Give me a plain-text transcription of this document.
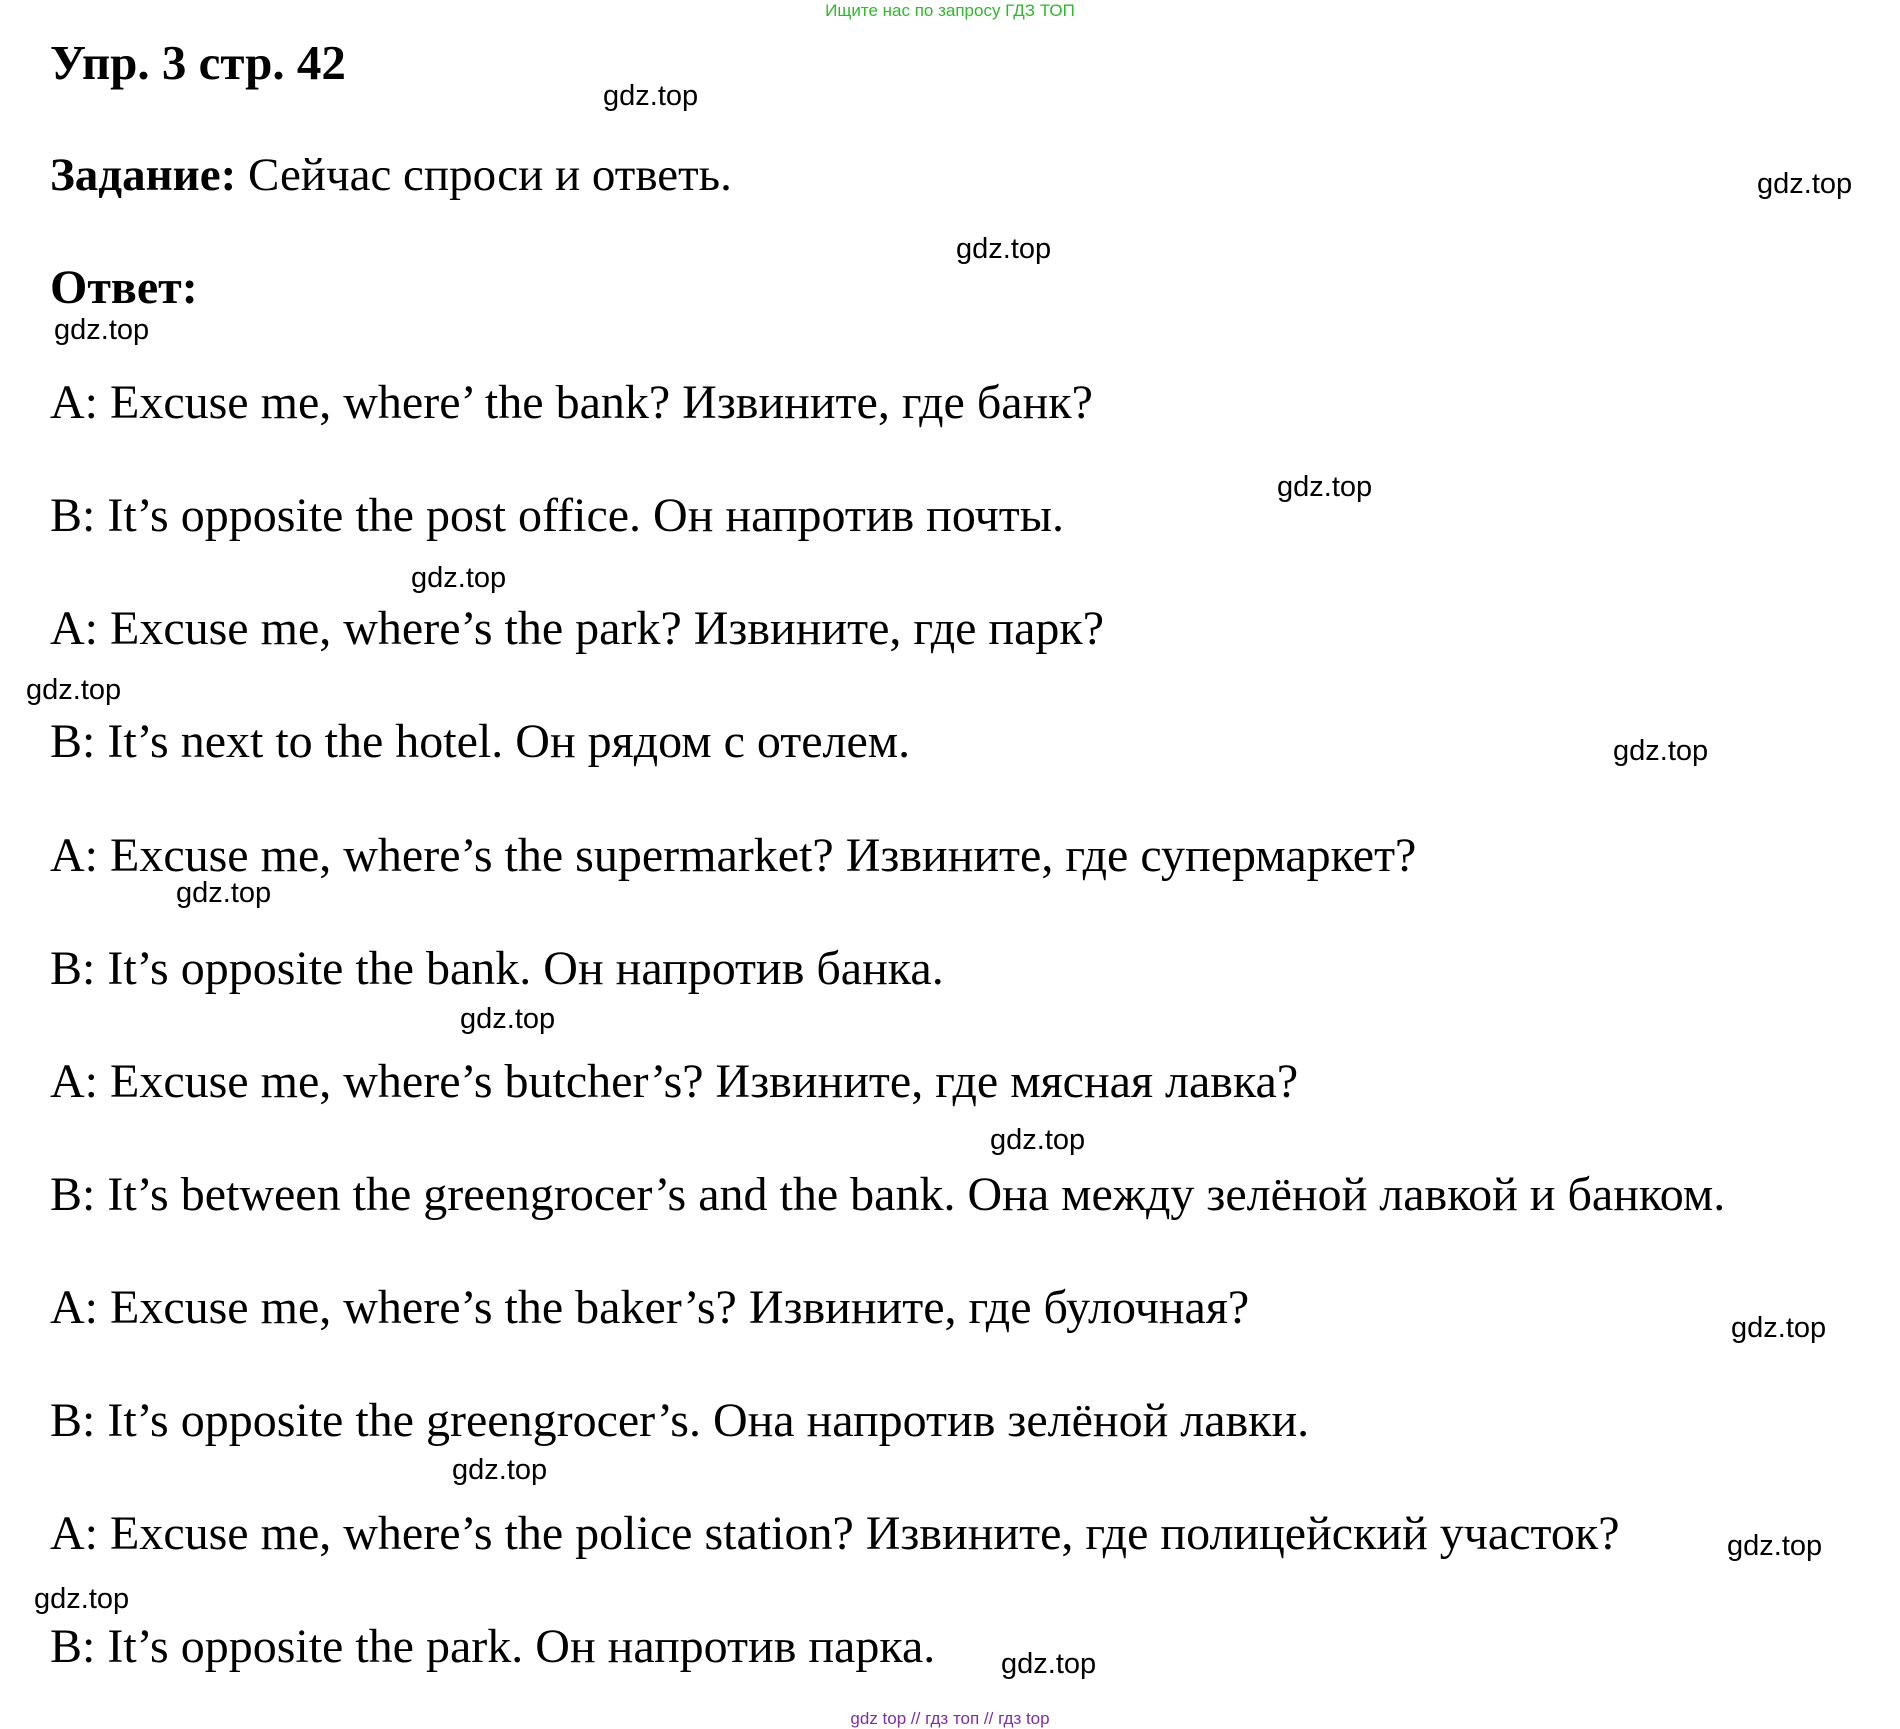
Ищите нас по запросу ГДЗ ТОП
Упр. 3 стр. 42
Задание: Сейчас спроси и ответь.
Ответ:
A: Excuse me, where’ the bank? Извините, где банк?
B: It’s opposite the post office. Он напротив почты.
A: Excuse me, where’s the park? Извините, где парк?
B: It’s next to the hotel. Он рядом с отелем.
A: Excuse me, where’s the supermarket? Извините, где супермаркет?
B: It’s opposite the bank. Он напротив банка.
A: Excuse me, where’s butcher’s? Извините, где мясная лавка?
B: It’s between the greengrocer’s and the bank. Она между зелёной лавкой и банком.
A: Excuse me, where’s the baker’s? Извините, где булочная?
B: It’s opposite the greengrocer’s. Она напротив зелёной лавки.
A: Excuse me, where’s the police station? Извините, где полицейский участок?
B: It’s opposite the park. Он напротив парка.
gdz.top
gdz.top
gdz.top
gdz.top
gdz.top
gdz.top
gdz.top
gdz.top
gdz.top
gdz.top
gdz.top
gdz.top
gdz.top
gdz.top
gdz.top
gdz.top
gdz top // гдз топ // гдз top
